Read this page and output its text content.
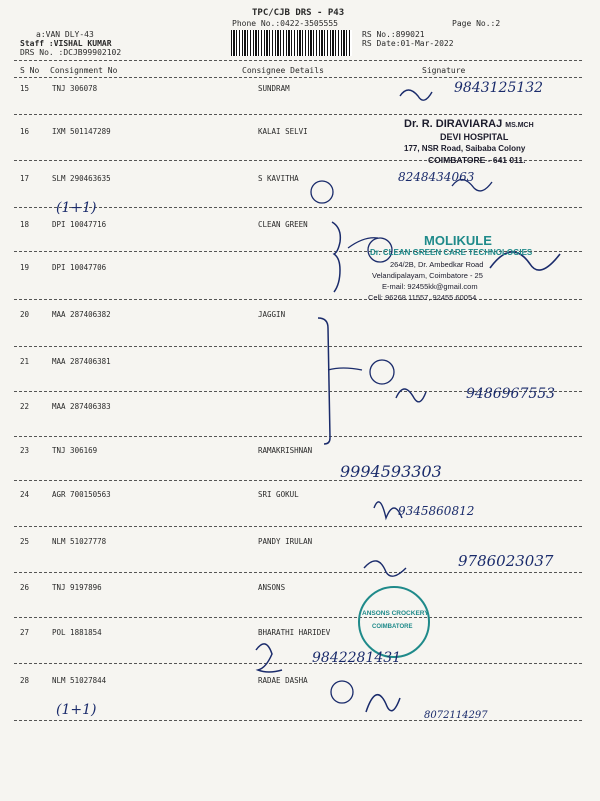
TPC/CJB DRS - P43
Phone No.:0422-3505555
a:VAN DLY-43
Staff :VISHAL KUMAR
DRS No. :DCJB99902102
RS No.:899021
RS Date:01-Mar-2022
Page No.:2
S No Consignment No	Consignee Details	Signature
15	TNJ 306078	SUNDRAM
16	IXM 501147289	KALAI SELVI
17	SLM 290463635	S KAVITHA
18	DPI 10047716	CLEAN GREEN
19	DPI 10047706
20	MAA 287406382	JAGGIN
21	MAA 287406381
22	MAA 287406383
23	TNJ 306169	RAMAKRISHNAN
24	AGR 700150563	SRI GOKUL
25	NLM 51027778	PANDY IRULAN
26	TNJ 9197896	ANSONS
27	POL 1881854	BHARATHI HARIDEV
28	NLM 51027844	RADAE DASHA
Dr. R. DIRAVIARAJ MS.MCH
DEVI HOSPITAL
177, NSR Road, Saibaba Colony
COIMBATORE - 641 011.
MOLIKULE
Dr. CLEAN GREEN CARE TECHNOLOGIES
264/2B, Dr. Ambedkar Road
Velandipalayam, Coimbatore - 25
E-mail: 92455kk@gmail.com
Cell: 96268 11557, 92455 60054
ANSONS CROCKERY
COIMBATORE
9843125132
8248434063
(1+1)
9486967553
9994593303
9345860812
9786023037
9842281431
(1+1)	8072114297
